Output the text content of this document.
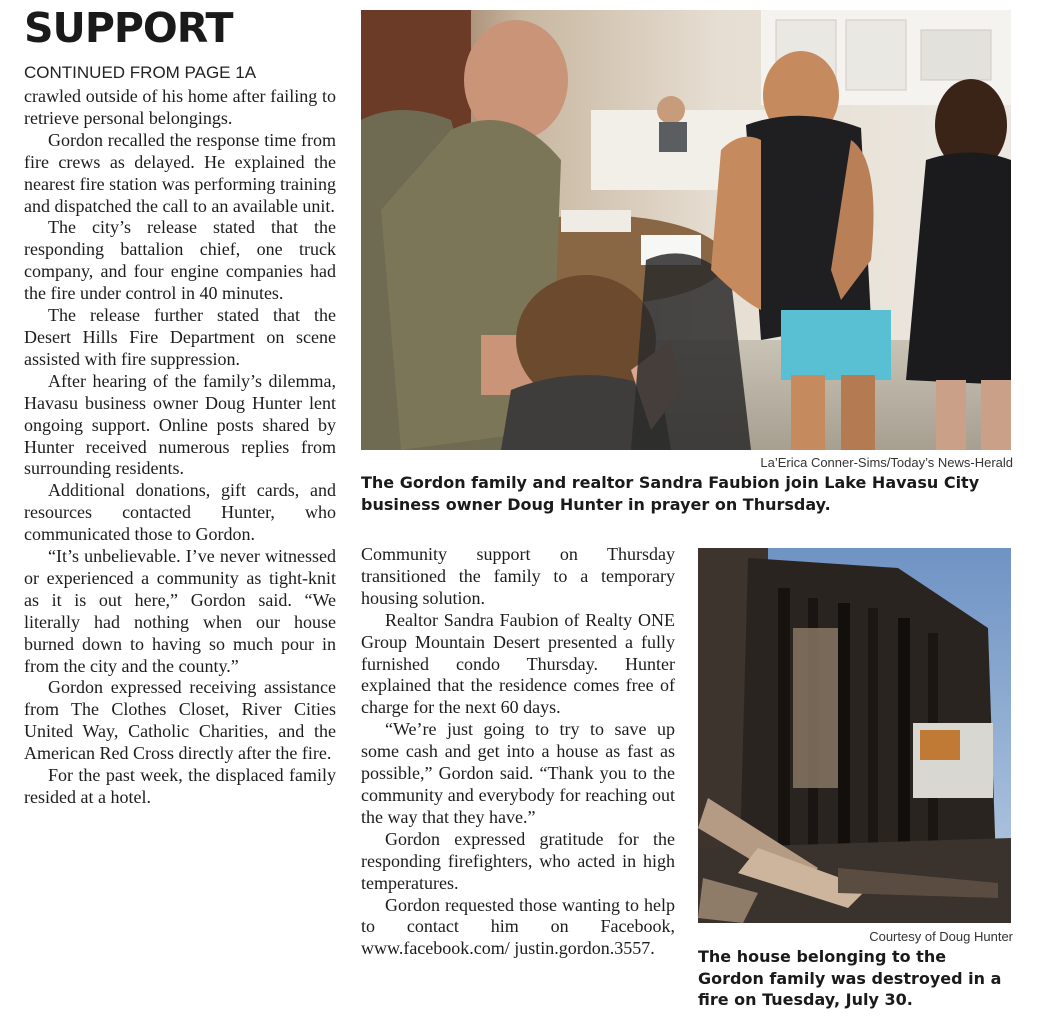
SUPPORT
CONTINUED FROM PAGE 1A

crawled outside of his home after failing to retrieve personal belongings.

Gordon recalled the response time from fire crews as delayed. He explained the nearest fire station was performing training and dispatched the call to an available unit.

The city’s release stated that the responding battalion chief, one truck company, and four engine companies had the fire under control in 40 minutes.

The release further stated that the Desert Hills Fire Department on scene assisted with fire suppression.

After hearing of the family’s dilemma, Havasu business owner Doug Hunter lent ongoing support. Online posts shared by Hunter received numerous replies from surrounding residents.

Additional donations, gift cards, and resources contacted Hunter, who communicated those to Gordon.

“It’s unbelievable. I’ve never witnessed or experienced a community as tight-knit as it is out here,” Gordon said. “We literally had nothing when our house burned down to having so much pour in from the city and the county.”

Gordon expressed receiving assistance from The Clothes Closet, River Cities United Way, Catholic Charities, and the American Red Cross directly after the fire.

For the past week, the displaced family resided at a hotel.

La’Erica Conner-Sims/Today’s News-Herald
The Gordon family and realtor Sandra Faubion join Lake Havasu City business owner Doug Hunter in prayer on Thursday.

Community support on Thursday transitioned the family to a temporary housing solution.

Realtor Sandra Faubion of Realty ONE Group Mountain Desert presented a fully furnished condo Thursday. Hunter explained that the residence comes free of charge for the next 60 days.

“We’re just going to try to save up some cash and get into a house as fast as possible,” Gordon said. “Thank you to the community and everybody for reaching out the way that they have.”

Gordon expressed gratitude for the responding firefighters, who acted in high temperatures.

Gordon requested those wanting to help to contact him on Facebook, www.facebook.com/ justin.gordon.3557.

Courtesy of Doug Hunter
The house belonging to the Gordon family was destroyed in a fire on Tuesday, July 30.
